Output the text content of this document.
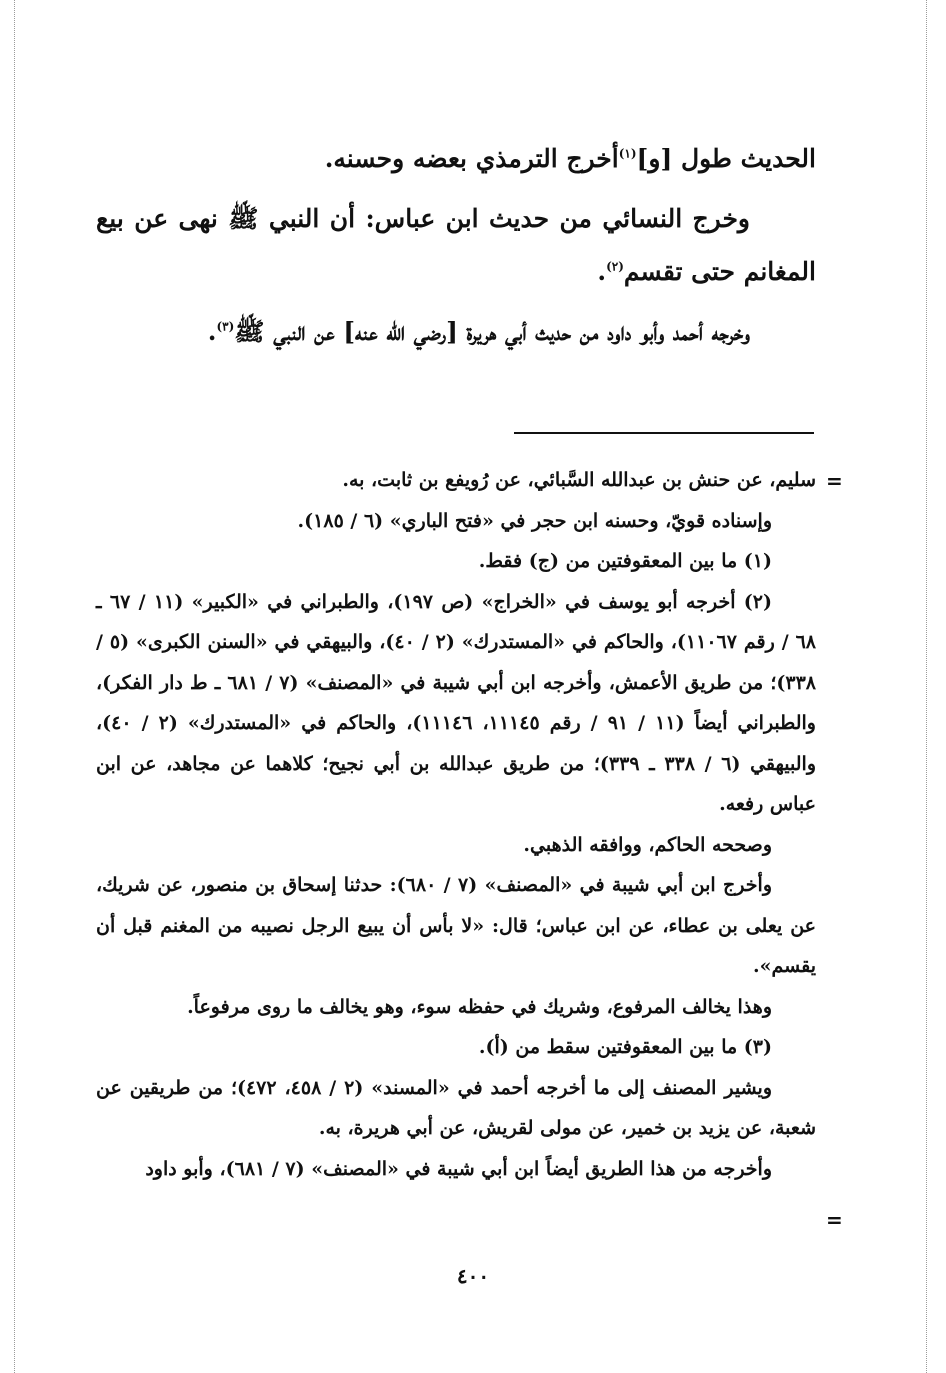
الحديث طول [و]$^{(١)}$أخرج الترمذي بعضه وحسنه.

وخرج النسائي من حديث ابن عباس: أن النبي ﷺ نهى عن بيع المغانم حتى تقسم$^{(٢)}$.

وخرجه أحمد وأبو داود من حديث أبي هريرة [رضي الله عنه] عن النبي ﷺ$^{(٣)}$.

=

سليم، عن حنش بن عبدالله السَّبائي، عن رُويفع بن ثابت، به.

وإسناده قويّ، وحسنه ابن حجر في «فتح الباري» (٦ / ١٨٥).

(١) ما بين المعقوفتين من (ج) فقط.

(٢) أخرجه أبو يوسف في «الخراج» (ص ١٩٧)، والطبراني في «الكبير» (١١ / ٦٧ ـ ٦٨ / رقم ١١٠٦٧)، والحاكم في «المستدرك» (٢ / ٤٠)، والبيهقي في «السنن الكبرى» (٥ / ٣٣٨)؛ من طريق الأعمش، وأخرجه ابن أبي شيبة في «المصنف» (٧ / ٦٨١ ـ ط دار الفكر)، والطبراني أيضاً (١١ / ٩١ / رقم ١١١٤٥، ١١١٤٦)، والحاكم في «المستدرك» (٢ / ٤٠)، والبيهقي (٦ / ٣٣٨ ـ ٣٣٩)؛ من طريق عبدالله بن أبي نجيح؛ كلاهما عن مجاهد، عن ابن عباس رفعه.

وصححه الحاكم، ووافقه الذهبي.

وأخرج ابن أبي شيبة في «المصنف» (٧ / ٦٨٠): حدثنا إسحاق بن منصور، عن شريك، عن يعلى بن عطاء، عن ابن عباس؛ قال: «لا بأس أن يبيع الرجل نصيبه من المغنم قبل أن يقسم».

وهذا يخالف المرفوع، وشريك في حفظه سوء، وهو يخالف ما روى مرفوعاً.

(٣) ما بين المعقوفتين سقط من (أ).

ويشير المصنف إلى ما أخرجه أحمد في «المسند» (٢ / ٤٥٨، ٤٧٢)؛ من طريقين عن شعبة، عن يزيد بن خمير، عن مولى لقريش، عن أبي هريرة، به.

وأخرجه من هذا الطريق أيضاً ابن أبي شيبة في «المصنف» (٧ / ٦٨١)، وأبو داود

=
٤٠٠
